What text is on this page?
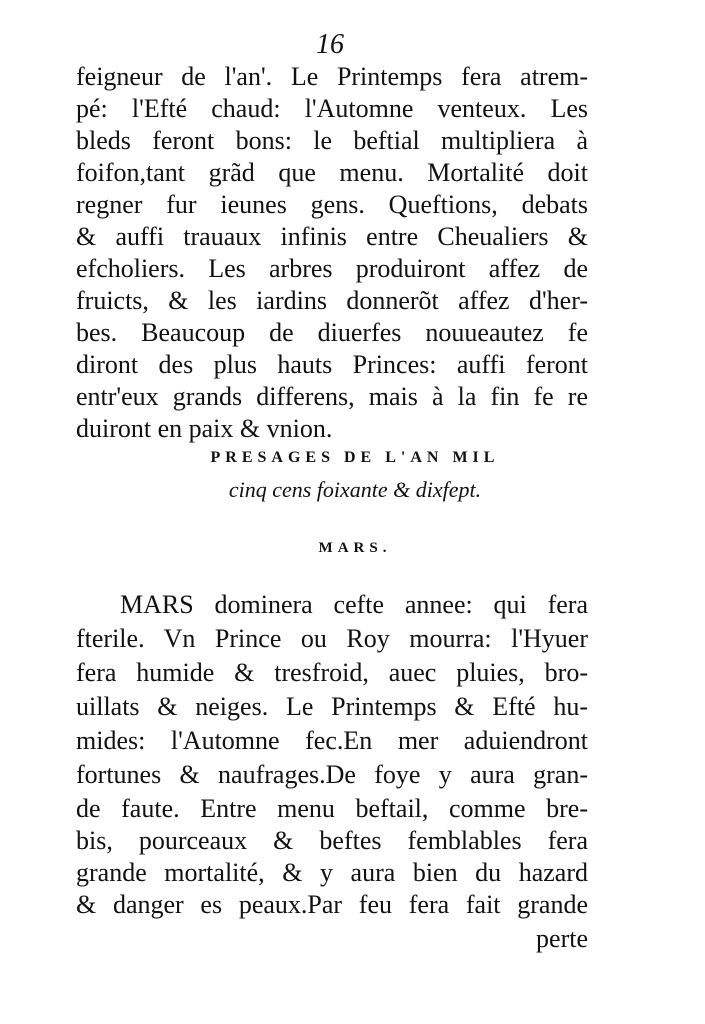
16
feigneur de l'an'. Le Printemps fera atrem-
pé: l'Efté chaud: l'Automne venteux. Les
bleds feront bons: le beftial multipliera à
foifon,tant grãd que menu. Mortalité doit
regner fur ieunes gens. Queftions, debats
& auffi trauaux infinis entre Cheualiers &
efcholiers. Les arbres produiront affez de
fruicts, & les iardins donnerõt affez d'her-
bes. Beaucoup de diuerfes nouueautez fe
diront des plus hauts Princes: auffi feront
entr'eux grands differens, mais à la fin fe re
duiront en paix & vnion.
PRESAGES DE L'AN MIL
cinq cens foixante & dixfept.
MARS.
MARS dominera cefte annee: qui fera
fterile. Vn Prince ou Roy mourra: l'Hyuer
fera humide & tresfroid, auec pluies, bro-
uillats & neiges. Le Printemps & Efté hu-
mides: l'Automne fec.En mer aduiendront
fortunes & naufrages.De foye y aura gran-
de faute. Entre menu beftail, comme bre-
bis, pourceaux & beftes femblables fera
grande mortalité, & y aura bien du hazard
& danger es peaux.Par feu fera fait grande
perte
